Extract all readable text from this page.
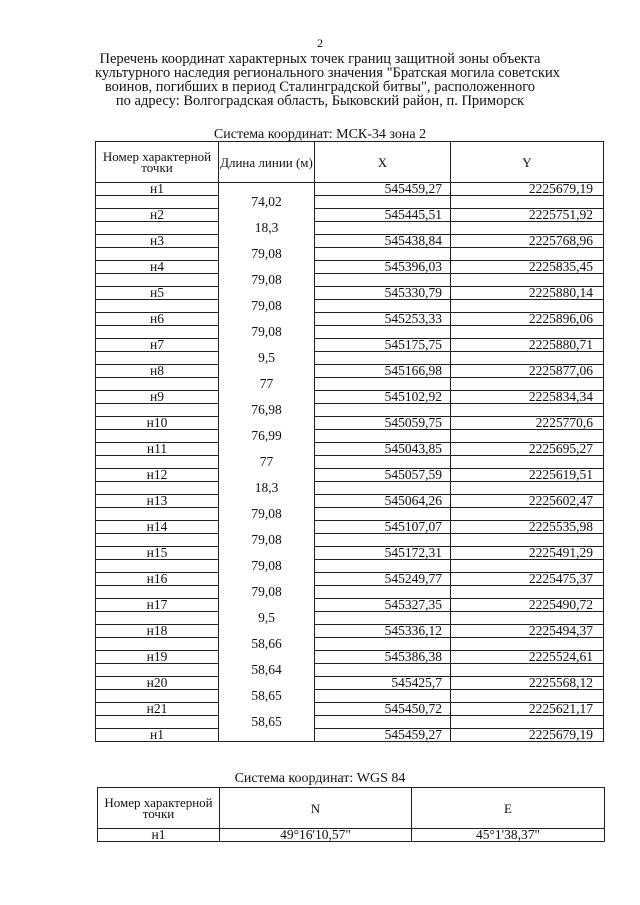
2
Перечень координат характерных точек границ защитной зоны объекта
культурного наследия регионального значения "Братская могила советских
воинов, погибших в период Сталинградской битвы", расположенного
по адресу: Волгоградская область, Быковский район, п. Приморск
Система координат: МСК-34 зона 2
Номер характерной точки	Длина линии (м)	X	Y
н1		545459,27	2225679,19
	74,02		
н2		545445,51	2225751,92
	18,3		
н3		545438,84	2225768,96
	79,08		
н4		545396,03	2225835,45
	79,08		
н5		545330,79	2225880,14
	79,08		
н6		545253,33	2225896,06
	79,08		
н7		545175,75	2225880,71
	9,5		
н8		545166,98	2225877,06
	77		
н9		545102,92	2225834,34
	76,98		
н10		545059,75	2225770,6
	76,99		
н11		545043,85	2225695,27
	77		
н12		545057,59	2225619,51
	18,3		
н13		545064,26	2225602,47
	79,08		
н14		545107,07	2225535,98
	79,08		
н15		545172,31	2225491,29
	79,08		
н16		545249,77	2225475,37
	79,08		
н17		545327,35	2225490,72
	9,5		
н18		545336,12	2225494,37
	58,66		
н19		545386,38	2225524,61
	58,64		
н20		545425,7	2225568,12
	58,65		
н21		545450,72	2225621,17
	58,65		
н1		545459,27	2225679,19
Система координат: WGS 84
Номер характерной точки	N	E
н1	49°16'10,57"	45°1'38,37"
